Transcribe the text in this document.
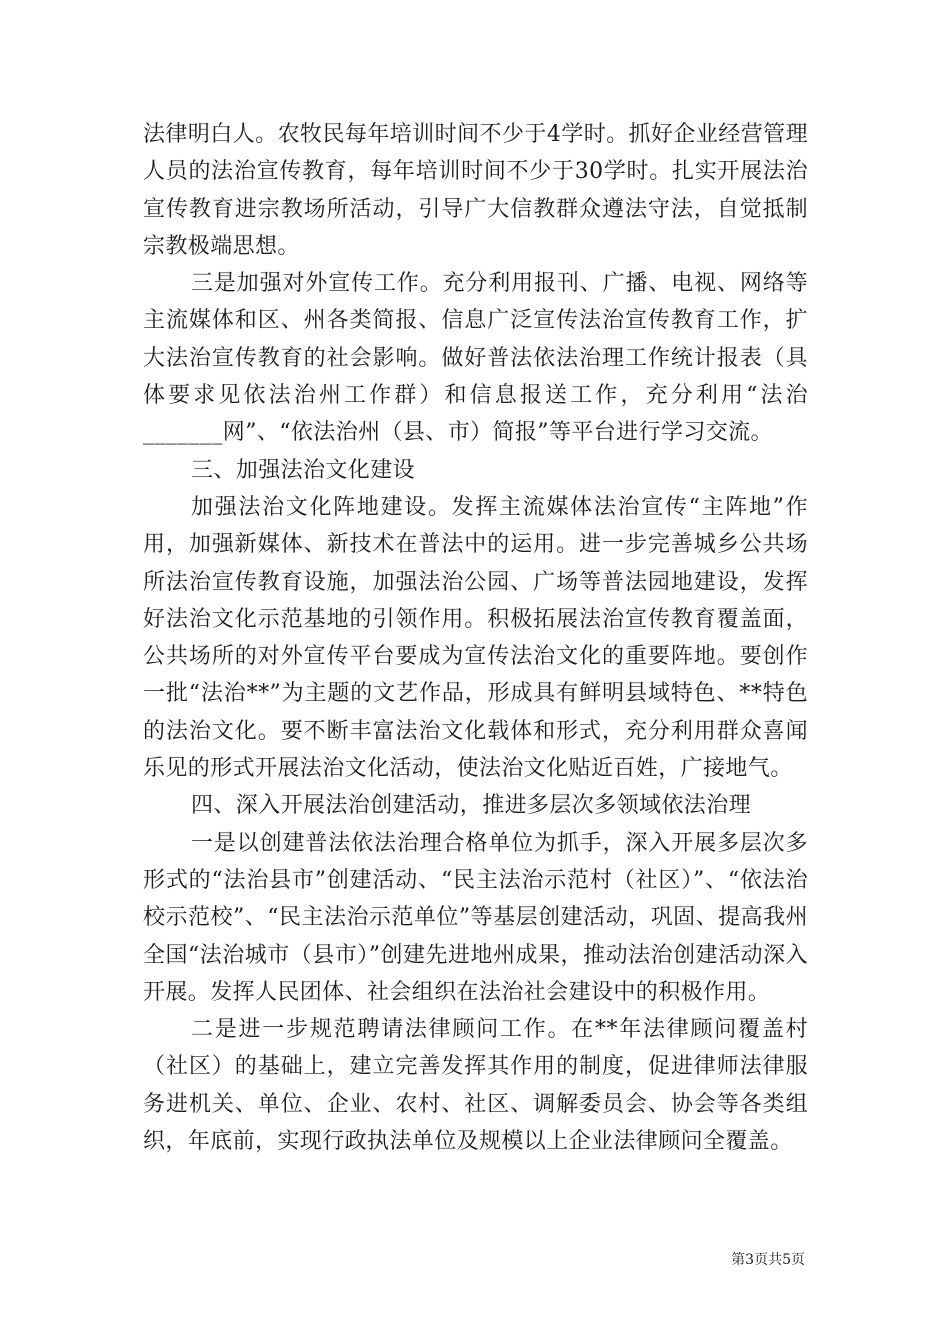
法律明白人。农牧民每年培训时间不少于4学时。抓好企业经营管理人员的法治宣传教育，每年培训时间不少于30学时。扎实开展法治宣传教育进宗教场所活动，引导广大信教群众遵法守法，自觉抵制宗教极端思想。

三是加强对外宣传工作。充分利用报刊、广播、电视、网络等主流媒体和区、州各类简报、信息广泛宣传法治宣传教育工作，扩大法治宣传教育的社会影响。做好普法依法治理工作统计报表（具体要求见依法治州工作群）和信息报送工作，充分利用“法治_______网”、“依法治州（县、市）简报”等平台进行学习交流。

三、加强法治文化建设

加强法治文化阵地建设。发挥主流媒体法治宣传“主阵地”作用，加强新媒体、新技术在普法中的运用。进一步完善城乡公共场所法治宣传教育设施，加强法治公园、广场等普法园地建设，发挥好法治文化示范基地的引领作用。积极拓展法治宣传教育覆盖面，公共场所的对外宣传平台要成为宣传法治文化的重要阵地。要创作一批“法治**”为主题的文艺作品，形成具有鲜明县域特色、**特色的法治文化。要不断丰富法治文化载体和形式，充分利用群众喜闻乐见的形式开展法治文化活动，使法治文化贴近百姓，广接地气。

四、深入开展法治创建活动，推进多层次多领域依法治理

一是以创建普法依法治理合格单位为抓手，深入开展多层次多形式的“法治县市”创建活动、“民主法治示范村（社区）”、“依法治校示范校”、“民主法治示范单位”等基层创建活动，巩固、提高我州全国“法治城市（县市）”创建先进地州成果，推动法治创建活动深入开展。发挥人民团体、社会组织在法治社会建设中的积极作用。

二是进一步规范聘请法律顾问工作。在**年法律顾问覆盖村（社区）的基础上，建立完善发挥其作用的制度，促进律师法律服务进机关、单位、企业、农村、社区、调解委员会、协会等各类组织，年底前，实现行政执法单位及规模以上企业法律顾问全覆盖。

第3页共5页
